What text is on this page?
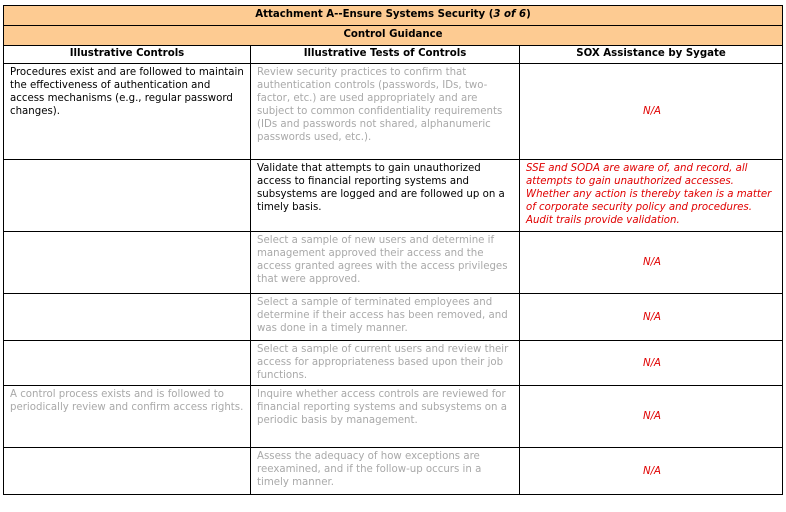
Attachment A--Ensure Systems Security (3 of 6)		
Control Guidance		
Illustrative Controls	Illustrative Tests of Controls	SOX Assistance by Sygate
Procedures exist and are followed to maintain the effectiveness of authentication and access mechanisms (e.g., regular password changes).	Review security practices to confirm that authentication controls (passwords, IDs, two-factor, etc.) are used appropriately and are subject to common confidentiality requirements (IDs and passwords not shared, alphanumeric passwords used, etc.).	N/A
	Validate that attempts to gain unauthorized access to financial reporting systems and subsystems are logged and are followed up on a timely basis.	SSE and SODA are aware of, and record, all attempts to gain unauthorized accesses. Whether any action is thereby taken is a matter of corporate security policy and procedures. Audit trails provide validation.
	Select a sample of new users and determine if management approved their access and the access granted agrees with the access privileges that were approved.	N/A
	Select a sample of terminated employees and determine if their access has been removed, and was done in a timely manner.	N/A
	Select a sample of current users and review their access for appropriateness based upon their job functions.	N/A
A control process exists and is followed to periodically review and confirm access rights.	Inquire whether access controls are reviewed for financial reporting systems and subsystems on a periodic basis by management.	N/A
	Assess the adequacy of how exceptions are reexamined, and if the follow-up occurs in a timely manner.	N/A
